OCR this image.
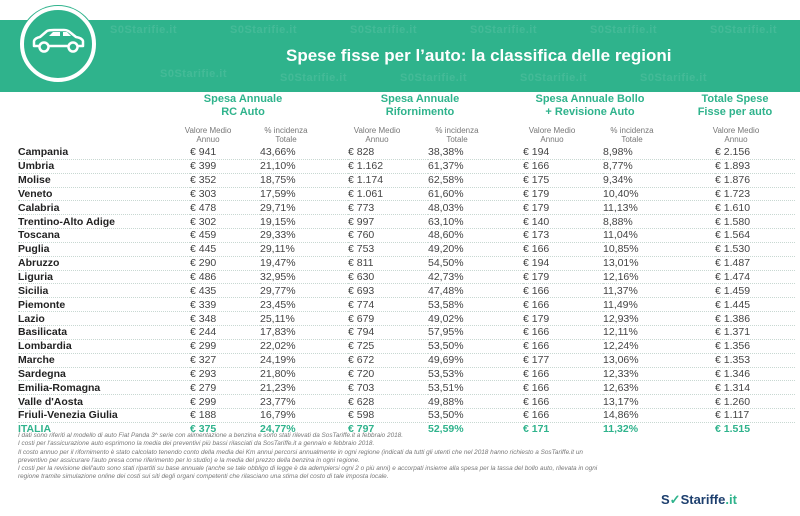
S0Starifie.it	S0Starifie.it	S0Starifie.it	S0Starifie.it	S0Starifie.it	S0Starifie.it
S0Starifie.it	S0Starifie.it	S0Starifie.it	S0Starifie.it	S0Starifie.it
Spese fisse per l’auto: la classifica delle regioni
Spesa Annuale
RC Auto
Spesa Annuale
Rifornimento
Spesa Annuale Bollo
+ Revisione Auto
Totale Spese
Fisse per auto
Valore Medio
Annuo
% incidenza
Totale
Valore Medio
Annuo
% incidenza
Totale
Valore Medio
Annuo
% incidenza
Totale
Valore Medio
Annuo
Campania	€ 941	43,66%	€ 828	38,38%	€ 194	8,98%	€ 2.156
Umbria	€ 399	21,10%	€ 1.162	61,37%	€ 166	8,77%	€ 1.893
Molise	€ 352	18,75%	€ 1.174	62,58%	€ 175	9,34%	€ 1.876
Veneto	€ 303	17,59%	€ 1.061	61,60%	€ 179	10,40%	€ 1.723
Calabria	€ 478	29,71%	€ 773	48,03%	€ 179	11,13%	€ 1.610
Trentino-Alto Adige	€ 302	19,15%	€ 997	63,10%	€ 140	8,88%	€ 1.580
Toscana	€ 459	29,33%	€ 760	48,60%	€ 173	11,04%	€ 1.564
Puglia	€ 445	29,11%	€ 753	49,20%	€ 166	10,85%	€ 1.530
Abruzzo	€ 290	19,47%	€ 811	54,50%	€ 194	13,01%	€ 1.487
Liguria	€ 486	32,95%	€ 630	42,73%	€ 179	12,16%	€ 1.474
Sicilia	€ 435	29,77%	€ 693	47,48%	€ 166	11,37%	€ 1.459
Piemonte	€ 339	23,45%	€ 774	53,58%	€ 166	11,49%	€ 1.445
Lazio	€ 348	25,11%	€ 679	49,02%	€ 179	12,93%	€ 1.386
Basilicata	€ 244	17,83%	€ 794	57,95%	€ 166	12,11%	€ 1.371
Lombardia	€ 299	22,02%	€ 725	53,50%	€ 166	12,24%	€ 1.356
Marche	€ 327	24,19%	€ 672	49,69%	€ 177	13,06%	€ 1.353
Sardegna	€ 293	21,80%	€ 720	53,53%	€ 166	12,33%	€ 1.346
Emilia-Romagna	€ 279	21,23%	€ 703	53,51%	€ 166	12,63%	€ 1.314
Valle d'Aosta	€ 299	23,77%	€ 628	49,88%	€ 166	13,17%	€ 1.260
Friuli-Venezia Giulia	€ 188	16,79%	€ 598	53,50%	€ 166	14,86%	€ 1.117
ITALIA	€ 375	24,77%	€ 797	52,59%	€ 171	11,32%	€ 1.515

I dati sono riferiti al modello di auto Fiat Panda 3^ serie con alimentazione a benzina e sono stati rilevati da SosTariffe.it a febbraio 2018.

I costi per l'assicurazione auto esprimono la media dei preventivi più bassi rilasciati da SosTariffe.it a gennaio e febbraio 2018.

Il costo annuo per il rifornimento è stato calcolato tenendo conto della media dei Km annui percorsi annualmente in ogni regione (indicati da tutti gli utenti che nel 2018 hanno richiesto a SosTariffe.it un preventivo per assicurare l'auto presa come riferimento per lo studio) e la media del prezzo della benzina in ogni regione.

I costi per la revisione dell'auto sono stati ripartiti su base annuale (anche se tale obbligo di legge è da adempiersi ogni 2 o più anni) e accorpati insieme alla spesa per la tassa del bollo auto, rilevata in ogni regione tramite simulazione online dei costi sui siti degli organi competenti che rilasciano una stima del costo di tale imposta locale.

S✓Stariffe.it
